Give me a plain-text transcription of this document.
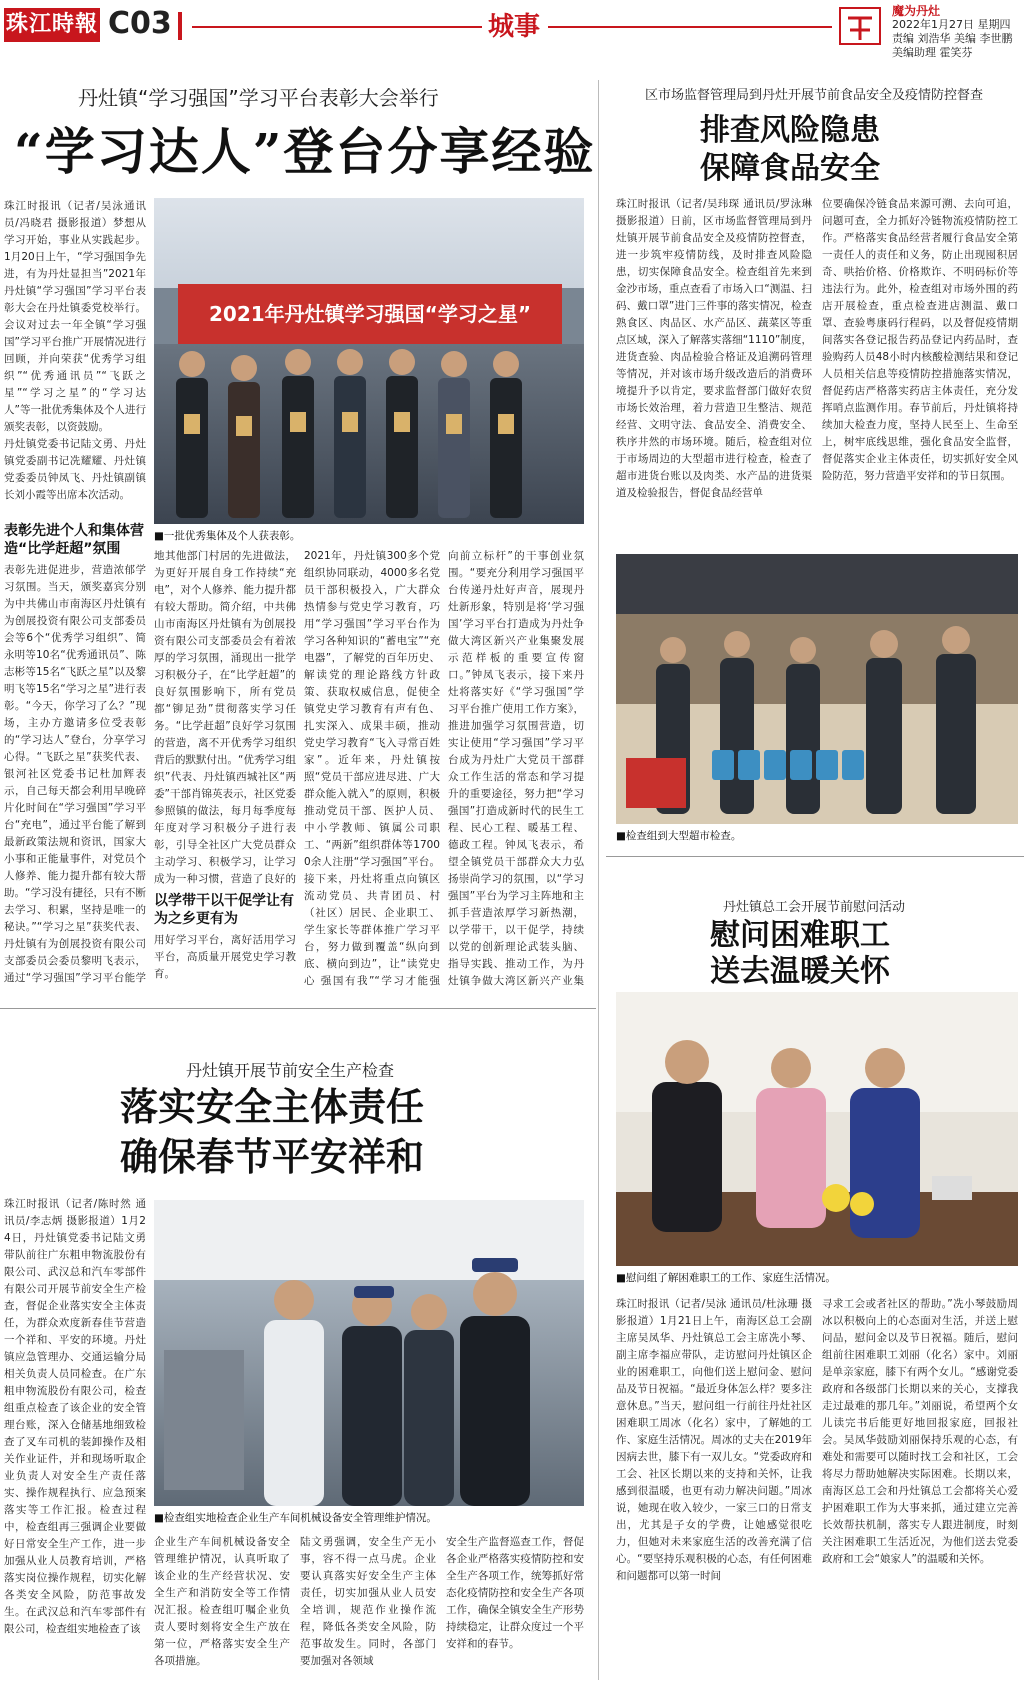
珠江時報 C03	城事
魔为丹灶
2022年1月27日 星期四
责编 刘浩华 美编 李世鹏
美编助理 霍笑芬
丹灶镇“学习强国”学习平台表彰大会举行
“学习达人”登台分享经验
珠江时报讯（记者/吴泳通讯员/冯晓君 摄影报道）梦想从学习开始，事业从实践起步。1月20日上午，“学习强国争先进，有为丹灶显担当”2021年丹灶镇“学习强国”学习平台表彰大会在丹灶镇委党校举行。会议对过去一年全镇“学习强国”学习平台推广开展情况进行回顾，并向荣获“优秀学习组织”“优秀通讯员”“飞跃之星”“学习之星”的“学习达人”等一批优秀集体及个人进行颁奖表彰，以资鼓励。
丹灶镇党委书记陆文勇、丹灶镇党委副书记冼耀耀、丹灶镇党委委员钟凤飞、丹灶镇副镇长刘小霞等出席本次活动。
2021年丹灶镇学习强国“学习之星”
■一批优秀集体及个人获表彰。
表彰先进个人和集体营造“比学赶超”氛围
表彰先进促进步，营造浓郁学习氛围。当天，颁奖嘉宾分别为中共佛山市南海区丹灶镇有为创展投资有限公司支部委员会等6个“优秀学习组织”、简永明等10名“优秀通讯员”、陈志彬等15名“飞跃之星”以及黎明飞等15名“学习之星”进行表彰。“今天，你学习了么？”现场，主办方邀请多位受表彰的“学习达人”登台，分享学习心得。“飞跃之星”获奖代表、银河社区党委书记杜加辉表示，自己每天都会利用早晚碎片化时间在“学习强国”学习平台“充电”，通过平台能了解到最新政策法规和资讯，国家大小事和正能量事件，对党员个人修养、能力提升都有较大帮助。“学习没有捷径，只有不断去学习、积累，坚持是唯一的秘诀。”“学习之星”获奖代表、丹灶镇有为创展投资有限公司支部委员会委员黎明飞表示，通过“学习强国”学习平台能学
地其他部门村居的先进做法，为更好开展自身工作持续“充电”，对个人修养、能力提升都有较大帮助。简介绍，中共佛山市南海区丹灶镇有为创展投资有限公司支部委员会有着浓厚的学习氛围，涌现出一批学习积极分子，在“比学赶超”的良好氛围影响下，所有党员都“铆足劲”贯彻落实学习任务。“比学赶超”良好学习氛围的营造，离不开优秀学习组织背后的默默付出。“优秀学习组织”代表、丹灶镇西城社区“两委”干部肖锦英表示，社区党委参照镇的做法，每月每季度每年度对学习积极分子进行表彰，引导全社区广大党员群众主动学习、积极学习，让学习成为一种习惯，营造了良好的
以学带干以干促学让有为之乡更有为
用好学习平台，离好活用学习平台，高质量开展党史学习教育。
2021年，丹灶镇300多个党组织协同联动，4000多名党员干部积极投入，广大群众热情参与党史学习教育，巧用“学习强国”学习平台作为学习各种知识的“蓄电宝”“充电器”，了解党的百年历史、解读党的理论路线方针政策、获取权威信息，促使全镇党史学习教育有声有色、扎实深入、成果丰硕，推动党史学习教育“飞入寻常百姓家”。近年来，丹灶镇按照“党员干部应进尽进、广大群众能入就入”的原则，积极推动党员干部、医护人员、中小学教师、镇属公司职工、“两新”组织群体等17000余人注册“学习强国”平台。接下来，丹灶将重点向镇区流动党员、共青团员、村（社区）居民、企业职工、学生家长等群体推广学习平台，努力做到覆盖“纵向到底、横向到边”，让“读党史心 强国有我”“学习才能强
向前立标杆”的干事创业氛围。“要充分利用学习强国平台传递丹灶好声音，展现丹灶新形象，特别是将‘学习强国’学习平台打造成为丹灶争做大湾区新兴产业集聚发展示范样板的重要宣传窗口。”钟凤飞表示，接下来丹灶将落实好《“学习强国”学习平台推广使用工作方案》，推进加强学习氛围营造，切实让使用“学习强国”学习平台成为丹灶广大党员干部群众工作生活的常态和学习提升的重要途径，努力把“学习强国”打造成新时代的民生工程、民心工程、暖基工程、德政工程。钟凤飞表示，希望全镇党员干部群众大力弘扬崇尚学习的氛围，以“学习强国”平台为学习主阵地和主抓手营造浓厚学习新热潮，以学带干，以干促学，持续以党的创新理论武装头脑、指导实践、推动工作，为丹灶镇争做大湾区新兴产业集
区市场监督管理局到丹灶开展节前食品安全及疫情防控督查
排查风险隐患
保障食品安全
珠江时报讯（记者/吴玮琛 通讯员/罗泳琳 摄影报道）日前，区市场监督管理局到丹灶镇开展节前食品安全及疫情防控督查，进一步筑牢疫情防线，及时排查风险隐患，切实保障食品安全。检查组首先来到金沙市场，重点查看了市场入口“测温、扫码、戴口罩”进门三件事的落实情况，检查熟食区、肉品区、水产品区、蔬菜区等重点区域，深入了解落实落细“1110”制度，进货查验、肉品检验合格证及追溯码管理等情况，并对该市场升级改造后的消费环境提升予以肯定，要求监督部门做好农贸市场长效治理，着力营造卫生整洁、规范经营、文明守法、食品安全、消费安全、秩序井然的市场环境。随后，检查组对位于市场周边的大型超市进行检查，检查了超市进货台账以及肉类、水产品的进货渠道及检验报告，督促食品经营单
位要确保冷链食品来源可溯、去向可追，问题可查，全力抓好冷链物流疫情防控工作。严格落实食品经营者履行食品安全第一责任人的责任和义务，防止出现囤积居奇、哄抬价格、价格欺诈、不明码标价等违法行为。此外，检查组对市场外围的药店开展检查，重点检查进店测温、戴口罩、查验粤康码行程码，以及督促疫情期间落实各登记报告药品登记内药品时，查验购药人员48小时内核酸检测结果和登记人员相关信息等疫情防控措施落实情况，督促药店严格落实药店主体责任，充分发挥哨点监测作用。春节前后，丹灶镇将持续加大检查力度，坚持人民至上、生命至上，树牢底线思维，强化食品安全监督，督促落实企业主体责任，切实抓好安全风险防范，努力营造平安祥和的节日氛围。
■检查组到大型超市检查。
丹灶镇总工会开展节前慰问活动
慰问困难职工
送去温暖关怀
■慰问组了解困难职工的工作、家庭生活情况。
珠江时报讯（记者/吴泳 通讯员/杜泳珊 摄影报道）1月21日上午，南海区总工会副主席吴凤华、丹灶镇总工会主席冼小琴、副主席李福应带队，走访慰问丹灶镇区企业的困难职工，向他们送上慰问金、慰问品及节日祝福。“最近身体怎么样？要多注意休息。”当天，慰问组一行前往丹灶社区困难职工周冰（化名）家中，了解她的工作、家庭生活情况。周冰的丈夫在2019年因病去世，膝下有一双儿女。“党委政府和工会、社区长期以来的支持和关怀，让我感到很温暖，也更有动力解决问题。”周冰说，她现在收入较少，一家三口的日常支出，尤其是子女的学费，让她感觉很吃力，但她对未来家庭生活的改善充满了信心。“要坚持乐观积极的心态，有任何困难和问题都可以第一时间
寻求工会或者社区的帮助。”冼小琴鼓励周冰以积极向上的心态面对生活，并送上慰问品，慰问金以及节日祝福。随后，慰问组前往困难职工刘丽（化名）家中。刘丽是单亲家庭，膝下有两个女儿。“感谢党委政府和各级部门长期以来的关心，支撑我走过最难的那几年。”刘丽说，希望两个女儿读完书后能更好地回报家庭，回报社会。吴凤华鼓励刘丽保持乐观的心态，有难处和需要可以随时找工会和社区，工会将尽力帮助她解决实际困难。长期以来，南海区总工会和丹灶镇总工会都将关心爱护困难职工作为大事来抓，通过建立完善长效帮扶机制，落实专人跟进制度，时刻关注困难职工生活近况，为他们送去党委政府和工会“娘家人”的温暖和关怀。
丹灶镇开展节前安全生产检查
落实安全主体责任
确保春节平安祥和
珠江时报讯（记者/陈时然 通讯员/李志炳 摄影报道）1月24日，丹灶镇党委书记陆文勇带队前往广东粗申物流股份有限公司、武汉总和汽车零部件有限公司开展节前安全生产检查，督促企业落实安全主体责任，为群众欢度新春佳节营造一个祥和、平安的环境。丹灶镇应急管理办、交通运输分局相关负责人员同检查。在广东粗申物流股份有限公司，检查组重点检查了该企业的安全管理台账，深入仓储基地细致检查了叉车司机的装卸操作及相关作业证件，并和现场听取企业负责人对安全生产责任落实、操作规程执行、应急预案落实等工作汇报。检查过程中，检查组再三强调企业要做好日常安全生产工作，进一步加强从业人员教育培训，严格落实岗位操作规程，切实化解各类安全风险，防范事故发生。在武汉总和汽车零部件有限公司，检查组实地检查了该
■检查组实地检查企业生产车间机械设备安全管理维护情况。
企业生产车间机械设备安全管理维护情况，认真听取了该企业的生产经营状况、安全生产和消防安全等工作情况汇报。检查组叮嘱企业负责人要时刻将安全生产放在第一位，严格落实安全生产各项措施。
陆文勇强调，安全生产无小事，容不得一点马虎。企业要认真落实好安全生产主体责任，切实加强从业人员安全培训，规范作业操作流程，降低各类安全风险，防范事故发生。同时，各部门要加强对各领域
安全生产监督巡查工作，督促各企业严格落实疫情防控和安全生产各项工作，统筹抓好常态化疫情防控和安全生产各项工作，确保全镇安全生产形势持续稳定，让群众度过一个平安祥和的春节。
